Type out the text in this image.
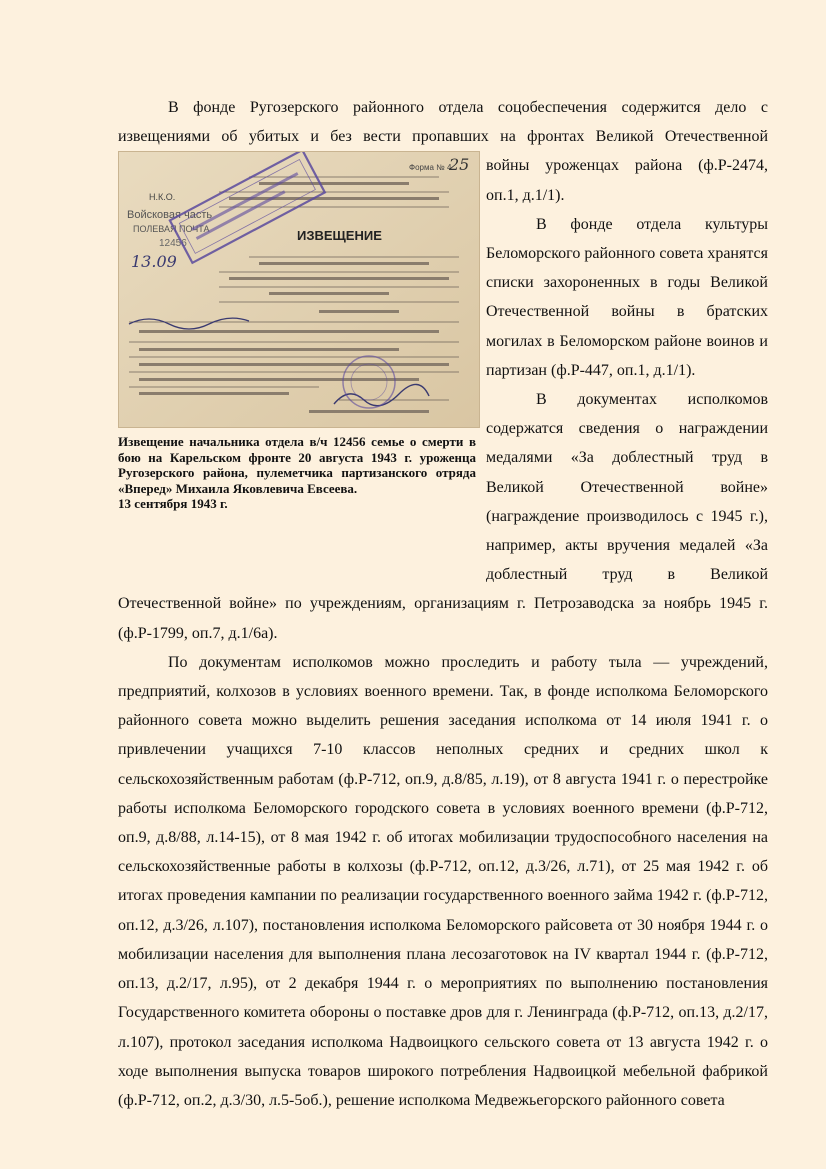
В фонде Ругозерского районного отдела соцобеспечения содержится дело с извещениями об убитых и без вести пропавших на фронтах Великой Отечественной

Н.К.О.
Войсковая часть
ПОЛЕВАЯ ПОЧТА
12456
13.09
Форма № 4
25
ИЗВЕЩЕНИЕ
Извещение начальника отдела в/ч 12456 семье о смерти в бою на Карельском фронте 20 августа 1943 г. уроженца Ругозерского района, пулеметчика партизанского отряда «Вперед» Михаила Яковлевича Евсеева.
13 сентября 1943 г.

войны уроженцах района (ф.Р-2474, оп.1, д.1/1).

В фонде отдела культуры Беломорского районного совета хранятся списки захороненных в годы Великой Отечественной войны в братских могилах в Беломорском районе воинов и партизан (ф.Р-447, оп.1, д.1/1).

В документах исполкомов содержатся сведения о награждении медалями «За доблестный труд в Великой Отечественной войне» (награждение производилось с 1945 г.), например, акты вручения медалей «За доблестный труд в Великой Отечественной войне» по учреждениям, организациям г. Петрозаводска за ноябрь 1945 г. (ф.Р-1799, оп.7, д.1/6а).

По документам исполкомов можно проследить и работу тыла — учреждений, предприятий, колхозов в условиях военного времени. Так, в фонде исполкома Беломорского районного совета можно выделить решения заседания исполкома от 14 июля 1941 г. о привлечении учащихся 7-10 классов неполных средних и средних школ к сельскохозяйственным работам (ф.Р-712, оп.9, д.8/85, л.19), от 8 августа 1941 г. о перестройке работы исполкома Беломорского городского совета в условиях военного времени (ф.Р-712, оп.9, д.8/88, л.14-15), от 8 мая 1942 г. об итогах мобилизации трудоспособного населения на сельскохозяйственные работы в колхозы (ф.Р-712, оп.12, д.3/26, л.71), от 25 мая 1942 г. об итогах проведения кампании по реализации государственного военного займа 1942 г. (ф.Р-712, оп.12, д.3/26, л.107), постановления исполкома Беломорского райсовета от 30 ноября 1944 г. о мобилизации населения для выполнения плана лесозаготовок на IV квартал 1944 г. (ф.Р-712, оп.13, д.2/17, л.95), от 2 декабря 1944 г. о мероприятиях по выполнению постановления Государственного комитета обороны о поставке дров для г. Ленинграда (ф.Р-712, оп.13, д.2/17, л.107), протокол заседания исполкома Надвоицкого сельского совета от 13 августа 1942 г. о ходе выполнения выпуска товаров широкого потребления Надвоицкой мебельной фабрикой (ф.Р-712, оп.2, д.3/30, л.5-5об.), решение исполкома Медвежьегорского районного совета
